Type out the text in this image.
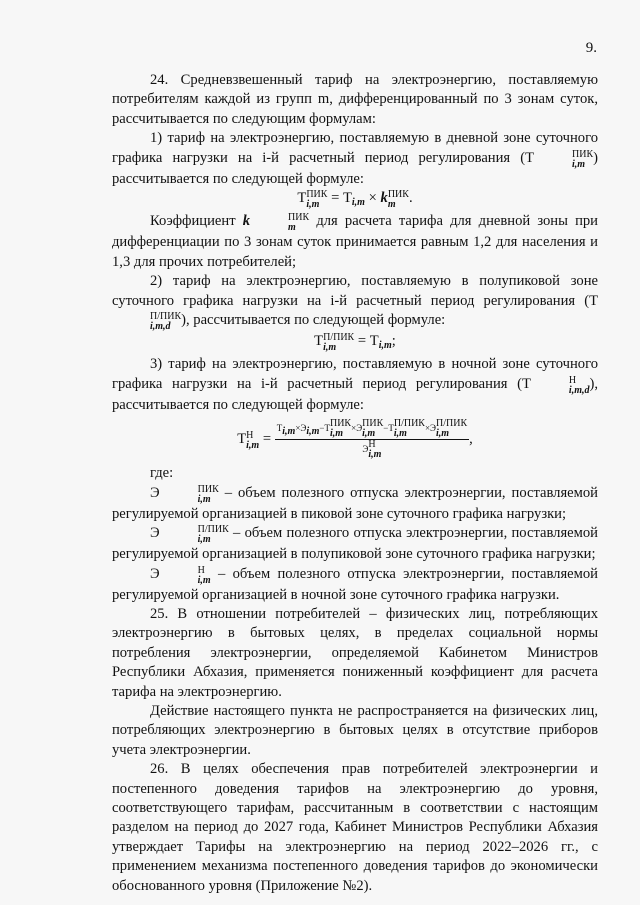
9.

24. Средневзвешенный тариф на электроэнергию, поставляемую потребителям каждой из групп m, дифференцированный по 3 зонам суток, рассчитывается по следующим формулам:

1) тариф на электроэнергию, поставляемую в дневной зоне суточного графика нагрузки на i-й расчетный период регулирования (Т	ПИК
i,m ) рассчитывается по следующей формуле:

Т ПИК
$i,m = Т_{i,m} \times k$ ПИК
m .

Коэффициент k	ПИК
m	для расчета тарифа для дневной зоны при дифференциации по 3 зонам суток принимается равным 1,2 для населения и 1,3 для прочих потребителей;

2) тариф на электроэнергию, поставляемую в полупиковой зоне суточного графика нагрузки на i-й расчетный период регулирования (Т
П/ПИК
i,m,d ), рассчитывается по следующей формуле:

Т П/ПИК
i,m	= $Т_{i,m}$;

3) тариф на электроэнергию, поставляемую в ночной зоне суточного графика нагрузки на i-й расчетный период регулирования (Т	Н
i,m,d ), рассчитывается по следующей формуле:

Т Н
i,m = Тi,m×Эi,m−Т ПИК
i,m ×Э ПИК
i,m −Т П/ПИК
i,m	×Э П/ПИК
i,m
Э Н
i,m ,

где:

Э	ПИК
i,m – объем полезного отпуска электроэнергии, поставляемой регулируемой организацией в пиковой зоне суточного графика нагрузки;

Э	П/ПИК
i,m	– объем полезного отпуска электроэнергии, поставляемой регулируемой организацией в полупиковой зоне суточного графика нагрузки;

Э	Н
i,m – объем полезного отпуска электроэнергии, поставляемой регулируемой организацией в ночной зоне суточного графика нагрузки.

25. В отношении потребителей – физических лиц, потребляющих электроэнергию в бытовых целях, в пределах социальной нормы потребления электроэнергии, определяемой Кабинетом Министров Республики Абхазия, применяется пониженный коэффициент для расчета тарифа на электроэнергию.

Действие настоящего пункта не распространяется на физических лиц, потребляющих электроэнергию в бытовых целях в отсутствие приборов учета электроэнергии.

26. В целях обеспечения прав потребителей электроэнергии и постепенного доведения тарифов на электроэнергию до уровня, соответствующего тарифам, рассчитанным в соответствии с настоящим разделом на период до 2027 года, Кабинет Министров Республики Абхазия утверждает Тарифы на электроэнергию на период 2022–2026 гг., с применением механизма постепенного доведения тарифов до экономически обоснованного уровня (Приложение №2).
